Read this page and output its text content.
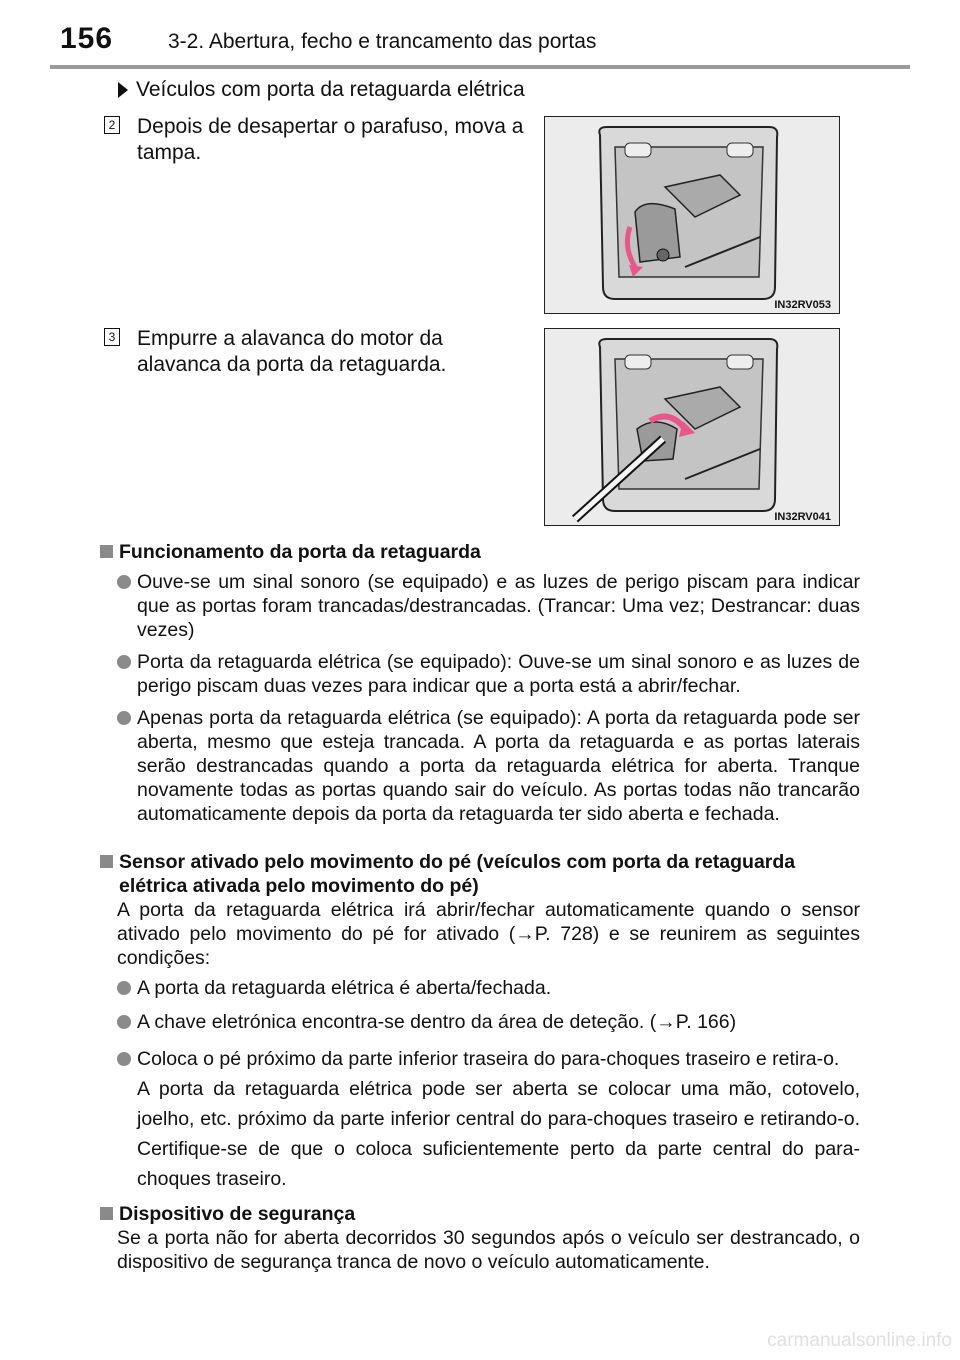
156	3-2. Abertura, fecho e trancamento das portas
Veículos com porta da retaguarda elétrica
2 Depois de desapertar o parafuso, mova a tampa.
IN32RV053
3 Empurre a alavanca do motor da alavanca da porta da retaguarda.
IN32RV041
Funcionamento da porta da retaguarda
Ouve-se um sinal sonoro (se equipado) e as luzes de perigo piscam para indicar que as portas foram trancadas/destrancadas. (Trancar: Uma vez; Destrancar: duas vezes)
Porta da retaguarda elétrica (se equipado): Ouve-se um sinal sonoro e as luzes de perigo piscam duas vezes para indicar que a porta está a abrir/fechar.
Apenas porta da retaguarda elétrica (se equipado): A porta da retaguarda pode ser aberta, mesmo que esteja trancada. A porta da retaguarda e as portas laterais serão destrancadas quando a porta da retaguarda elétrica for aberta. Tranque novamente todas as portas quando sair do veículo. As portas todas não trancarão automaticamente depois da porta da retaguarda ter sido aberta e fechada.
Sensor ativado pelo movimento do pé (veículos com porta da retaguarda elétrica ativada pelo movimento do pé)
A porta da retaguarda elétrica irá abrir/fechar automaticamente quando o sensor ativado pelo movimento do pé for ativado (→P. 728) e se reunirem as seguintes condições:
A porta da retaguarda elétrica é aberta/fechada.
A chave eletrónica encontra-se dentro da área de deteção. (→P. 166)
Coloca o pé próximo da parte inferior traseira do para-choques traseiro e retira-o.
A porta da retaguarda elétrica pode ser aberta se colocar uma mão, cotovelo, joelho, etc. próximo da parte inferior central do para-choques traseiro e retirando-o. Certifique-se de que o coloca suficientemente perto da parte central do para-choques traseiro.
Dispositivo de segurança
Se a porta não for aberta decorridos 30 segundos após o veículo ser destrancado, o dispositivo de segurança tranca de novo o veículo automaticamente.
carmanualsonline.info
